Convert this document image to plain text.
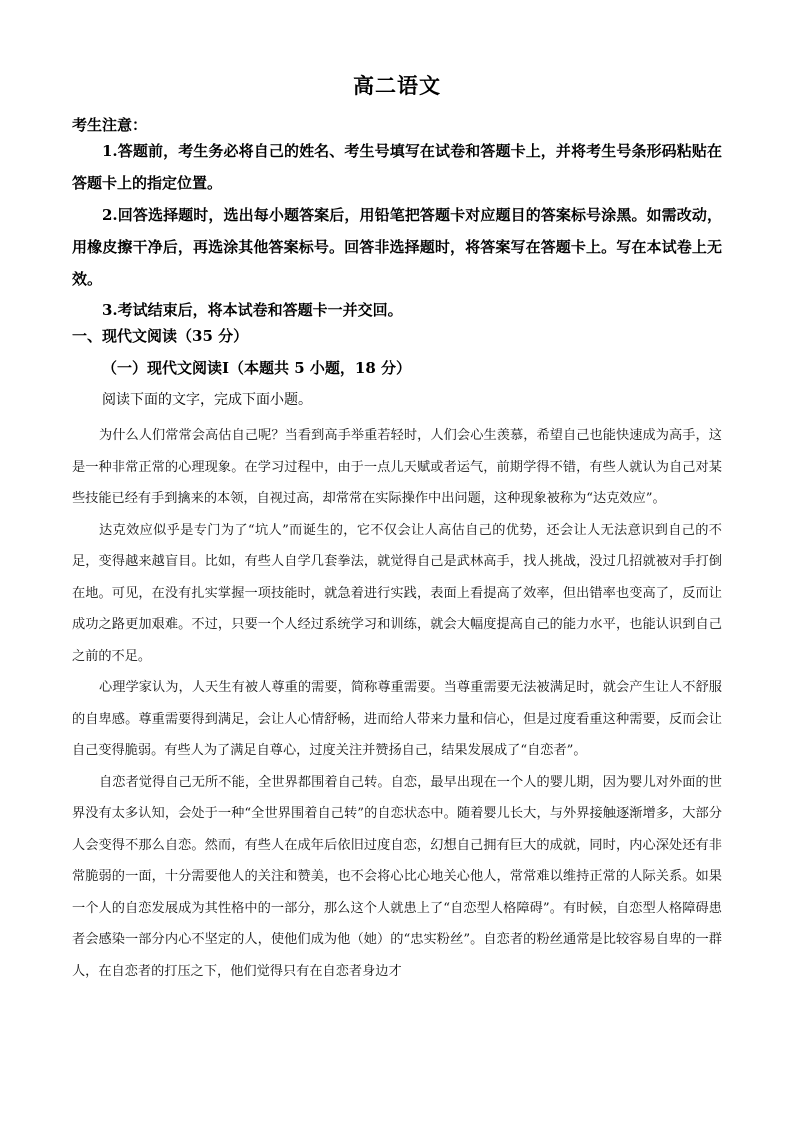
高二语文
考生注意：

1.答题前，考生务必将自己的姓名、考生号填写在试卷和答题卡上，并将考生号条形码粘贴在答题卡上的指定位置。

2.回答选择题时，选出每小题答案后，用铅笔把答题卡对应题目的答案标号涂黑。如需改动，用橡皮擦干净后，再选涂其他答案标号。回答非选择题时，将答案写在答题卡上。写在本试卷上无效。

3.考试结束后，将本试卷和答题卡一并交回。

一、现代文阅读（35 分）
（一）现代文阅读Ⅰ（本题共 5 小题，18 分）
阅读下面的文字，完成下面小题。

为什么人们常常会高估自己呢？当看到高手举重若轻时，人们会心生羡慕，希望自己也能快速成为高手，这是一种非常正常的心理现象。在学习过程中，由于一点儿天赋或者运气，前期学得不错，有些人就认为自己对某些技能已经有手到擒来的本领，自视过高，却常常在实际操作中出问题，这种现象被称为“达克效应”。

达克效应似乎是专门为了“坑人”而诞生的，它不仅会让人高估自己的优势，还会让人无法意识到自己的不足，变得越来越盲目。比如，有些人自学几套拳法，就觉得自己是武林高手，找人挑战，没过几招就被对手打倒在地。可见，在没有扎实掌握一项技能时，就急着进行实践，表面上看提高了效率，但出错率也变高了，反而让成功之路更加艰难。不过，只要一个人经过系统学习和训练，就会大幅度提高自己的能力水平，也能认识到自己之前的不足。

心理学家认为，人天生有被人尊重的需要，简称尊重需要。当尊重需要无法被满足时，就会产生让人不舒服的自卑感。尊重需要得到满足，会让人心情舒畅，进而给人带来力量和信心，但是过度看重这种需要，反而会让自己变得脆弱。有些人为了满足自尊心，过度关注并赞扬自己，结果发展成了“自恋者”。

自恋者觉得自己无所不能，全世界都围着自己转。自恋，最早出现在一个人的婴儿期，因为婴儿对外面的世界没有太多认知，会处于一种“全世界围着自己转”的自恋状态中。随着婴儿长大，与外界接触逐渐增多，大部分人会变得不那么自恋。然而，有些人在成年后依旧过度自恋，幻想自己拥有巨大的成就，同时，内心深处还有非常脆弱的一面，十分需要他人的关注和赞美，也不会将心比心地关心他人，常常难以维持正常的人际关系。如果一个人的自恋发展成为其性格中的一部分，那么这个人就患上了“自恋型人格障碍”。有时候，自恋型人格障碍患者会感染一部分内心不坚定的人，使他们成为他（她）的“忠实粉丝”。自恋者的粉丝通常是比较容易自卑的一群人，在自恋者的打压之下，他们觉得只有在自恋者身边才
